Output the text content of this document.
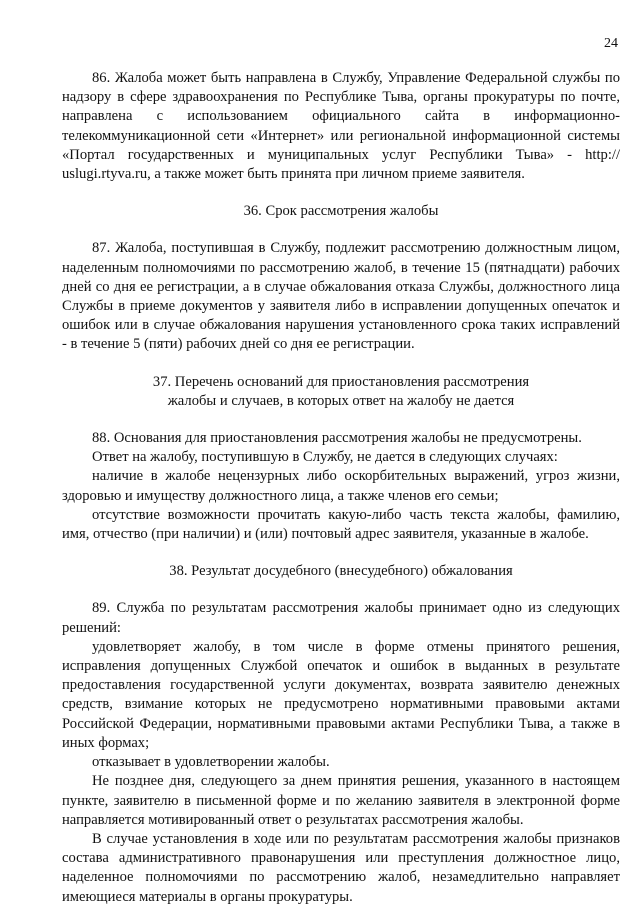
24

86. Жалоба может быть направлена в Службу, Управление Федеральной службы по надзору в сфере здравоохранения по Республике Тыва, органы прокуратуры по почте, направлена с использованием официального сайта в информационно-телекоммуникационной сети «Интернет» или региональной информационной системы «Портал государственных и муниципальных услуг Республики Тыва» - http:// uslugi.rtyva.ru, а также может быть принята при личном приеме заявителя.

36. Срок рассмотрения жалобы

87. Жалоба, поступившая в Службу, подлежит рассмотрению должностным лицом, наделенным полномочиями по рассмотрению жалоб, в течение 15 (пятнадцати) рабочих дней со дня ее регистрации, а в случае обжалования отказа Службы, должностного лица Службы в приеме документов у заявителя либо в исправлении допущенных опечаток и ошибок или в случае обжалования нарушения установленного срока таких исправлений - в течение 5 (пяти) рабочих дней со дня ее регистрации.

37. Перечень оснований для приостановления рассмотрения
жалобы и случаев, в которых ответ на жалобу не дается

88. Основания для приостановления рассмотрения жалобы не предусмотрены.

Ответ на жалобу, поступившую в Службу, не дается в следующих случаях:

наличие в жалобе нецензурных либо оскорбительных выражений, угроз жизни, здоровью и имуществу должностного лица, а также членов его семьи;

отсутствие возможности прочитать какую-либо часть текста жалобы, фамилию, имя, отчество (при наличии) и (или) почтовый адрес заявителя, указанные в жалобе.

38. Результат досудебного (внесудебного) обжалования

89. Служба по результатам рассмотрения жалобы принимает одно из следующих решений:

удовлетворяет жалобу, в том числе в форме отмены принятого решения, исправления допущенных Службой опечаток и ошибок в выданных в результате предоставления государственной услуги документах, возврата заявителю денежных средств, взимание которых не предусмотрено нормативными правовыми актами Российской Федерации, нормативными правовыми актами Республики Тыва, а также в иных формах;

отказывает в удовлетворении жалобы.

Не позднее дня, следующего за днем принятия решения, указанного в настоящем пункте, заявителю в письменной форме и по желанию заявителя в электронной форме направляется мотивированный ответ о результатах рассмотрения жалобы.

В случае установления в ходе или по результатам рассмотрения жалобы признаков состава административного правонарушения или преступления должностное лицо, наделенное полномочиями по рассмотрению жалоб, незамедлительно направляет имеющиеся материалы в органы прокуратуры.
